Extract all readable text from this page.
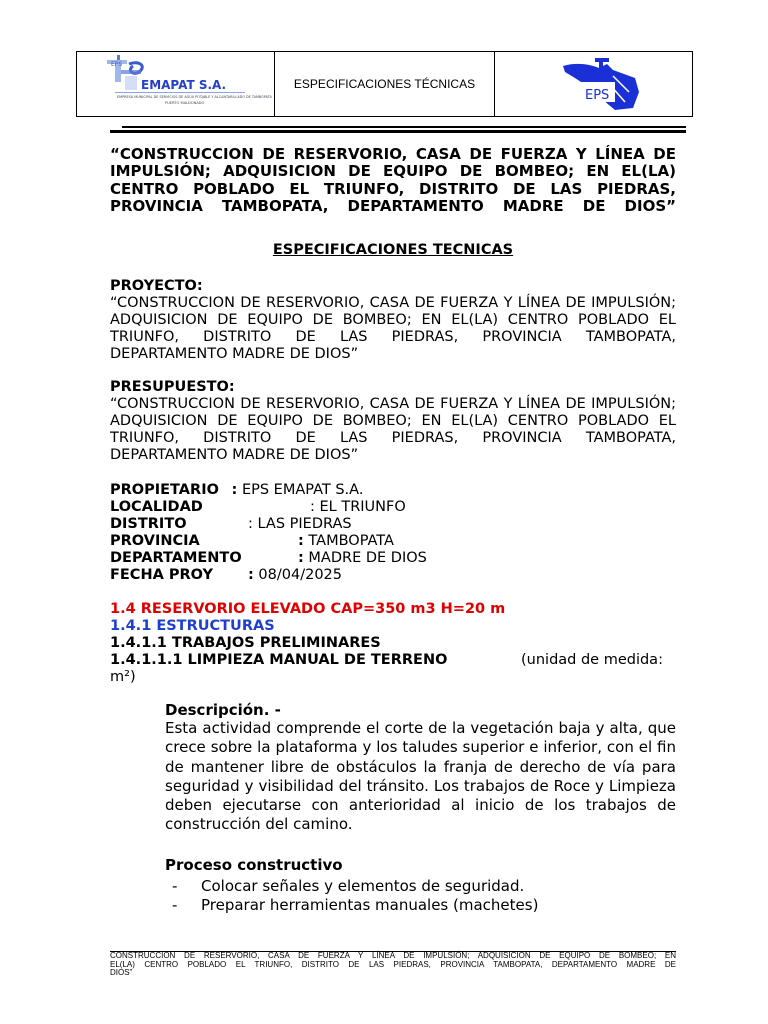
EPS
EMAPAT S.A.
EMPRESA MUNICIPAL DE SERVICIOS DE AGUA POTABLE Y ALCANTARILLADO DE TAMBOPATA
PUERTO MALDONADO
ESPECIFICACIONES TÉCNICAS
EPS
“CONSTRUCCION DE RESERVORIO, CASA DE FUERZA Y LÍNEA DE
IMPULSIÓN; ADQUISICION DE EQUIPO DE BOMBEO; EN EL(LA)
CENTRO POBLADO EL TRIUNFO, DISTRITO DE LAS PIEDRAS,
PROVINCIA TAMBOPATA, DEPARTAMENTO MADRE DE DIOS”
ESPECIFICACIONES TECNICAS
PROYECTO:
“CONSTRUCCION DE RESERVORIO, CASA DE FUERZA Y LÍNEA DE IMPULSIÓN; ADQUISICION DE EQUIPO DE BOMBEO; EN EL(LA) CENTRO POBLADO EL TRIUNFO, DISTRITO DE LAS PIEDRAS, PROVINCIA TAMBOPATA, DEPARTAMENTO MADRE DE DIOS”
PRESUPUESTO:
“CONSTRUCCION DE RESERVORIO, CASA DE FUERZA Y LÍNEA DE IMPULSIÓN; ADQUISICION DE EQUIPO DE BOMBEO; EN EL(LA) CENTRO POBLADO EL TRIUNFO, DISTRITO DE LAS PIEDRAS, PROVINCIA TAMBOPATA, DEPARTAMENTO MADRE DE DIOS”
PROPIETARIO : EPS EMAPAT S.A.
LOCALIDAD	: EL TRIUNFO
DISTRITO	: LAS PIEDRAS
PROVINCIA	: TAMBOPATA
DEPARTAMENTO	: MADRE DE DIOS
FECHA PROY : 08/04/2025
1.4 RESERVORIO ELEVADO CAP=350 m3 H=20 m
1.4.1 ESTRUCTURAS
1.4.1.1 TRABAJOS PRELIMINARES
1.4.1.1.1 LIMPIEZA MANUAL DE TERRENO	(unidad de medida:
m²)
Descripción. -
Esta actividad comprende el corte de la vegetación baja y alta, que crece sobre la plataforma y los taludes superior e inferior, con el fin de mantener libre de obstáculos la franja de derecho de vía para seguridad y visibilidad del tránsito. Los trabajos de Roce y Limpieza deben ejecutarse con anterioridad al inicio de los trabajos de construcción del camino.
Proceso constructivo
- Colocar señales y elementos de seguridad.
- Preparar herramientas manuales (machetes)
CONSTRUCCION DE RESERVORIO, CASA DE FUERZA Y LÍNEA DE IMPULSIÓN; ADQUISICION DE EQUIPO DE BOMBEO; EN
EL(LA) CENTRO POBLADO EL TRIUNFO, DISTRITO DE LAS PIEDRAS, PROVINCIA TAMBOPATA, DEPARTAMENTO MADRE DE
DIOS”
